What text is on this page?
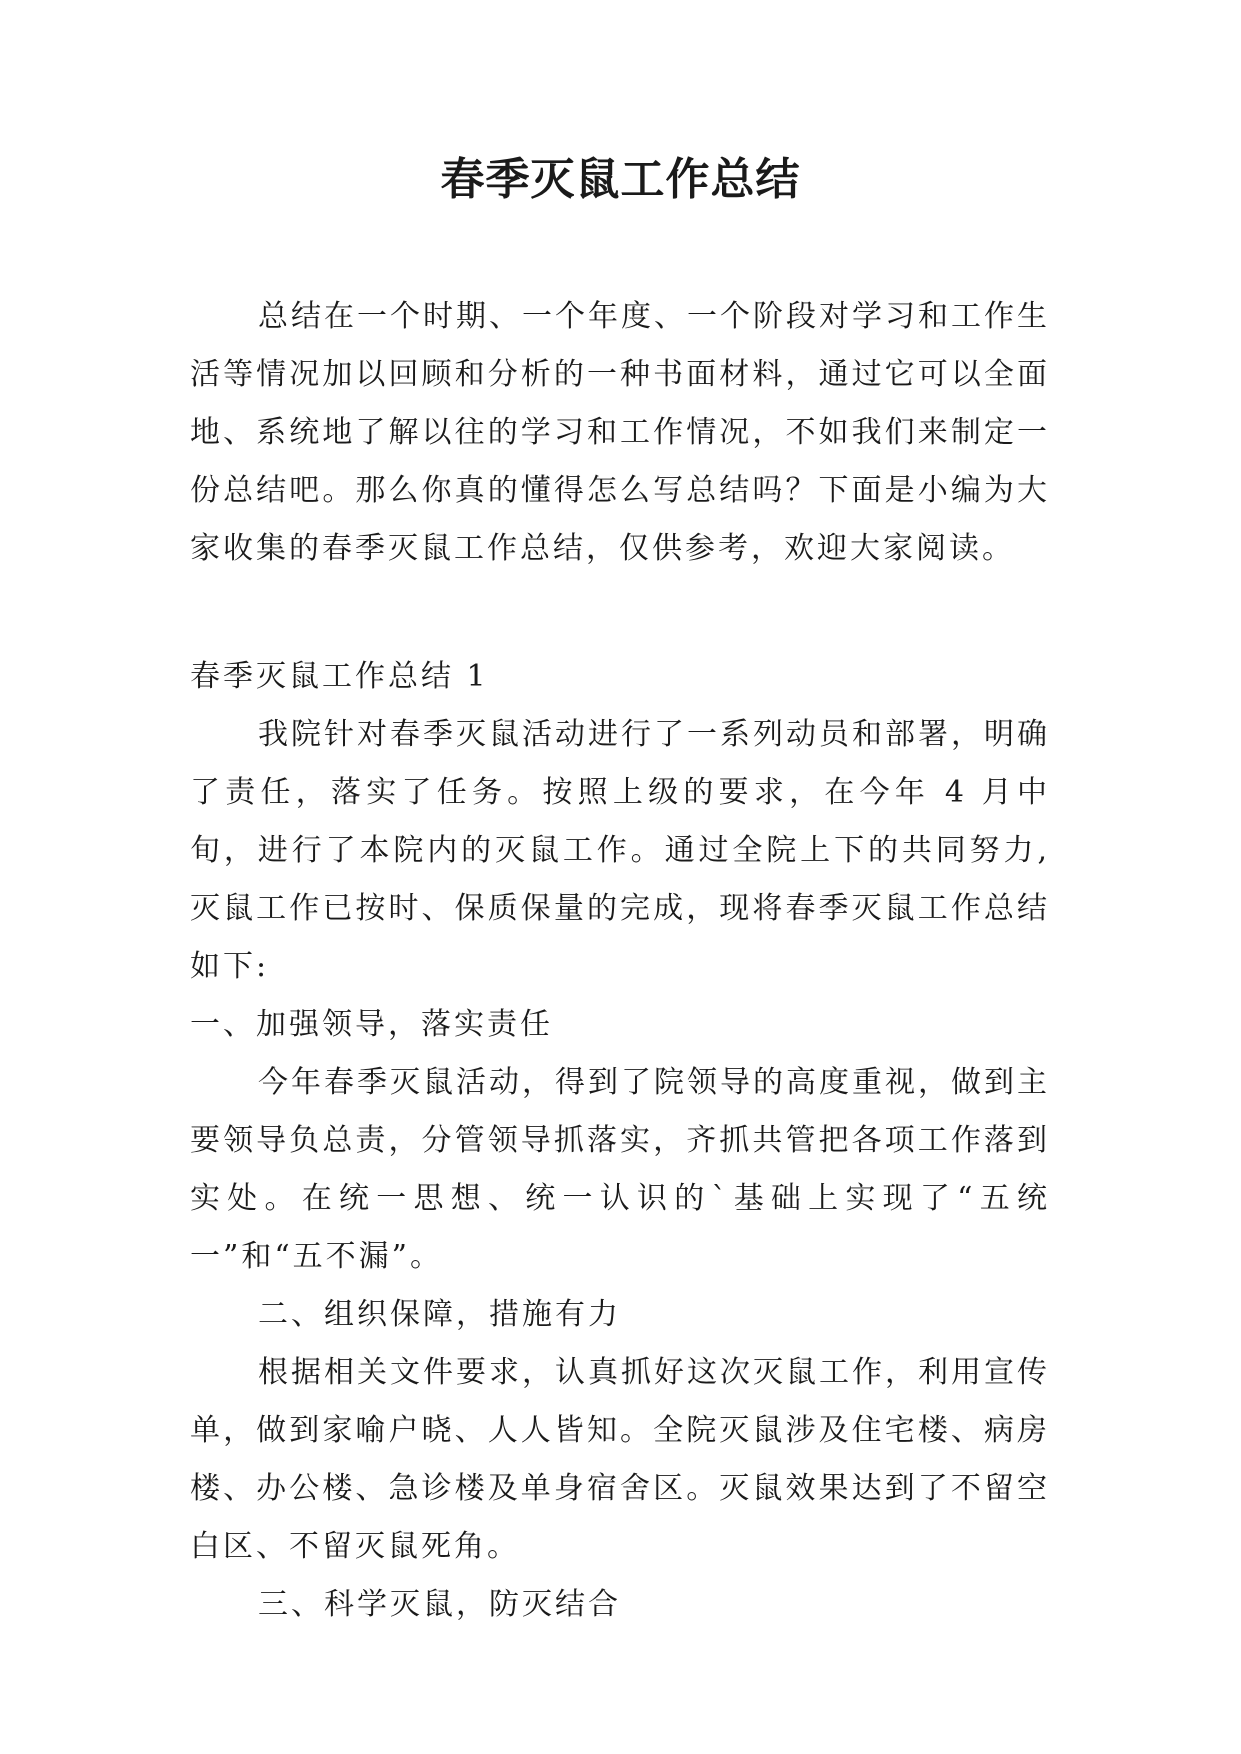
春季灭鼠工作总结

总结在一个时期、一个年度、一个阶段对学习和工作生活等情况加以回顾和分析的一种书面材料，通过它可以全面地、系统地了解以往的学习和工作情况，不如我们来制定一份总结吧。那么你真的懂得怎么写总结吗？下面是小编为大家收集的春季灭鼠工作总结，仅供参考，欢迎大家阅读。

春季灭鼠工作总结 1

我院针对春季灭鼠活动进行了一系列动员和部署，明确了责任，落实了任务。按照上级的要求，在今年 4 月中旬，进行了本院内的灭鼠工作。通过全院上下的共同努力,灭鼠工作已按时、保质保量的完成，现将春季灭鼠工作总结如下:

一、加强领导，落实责任

今年春季灭鼠活动，得到了院领导的高度重视，做到主要领导负总责，分管领导抓落实，齐抓共管把各项工作落到实处。在统一思想、统一认识的`基础上实现了“五统一”和“五不漏”。

二、组织保障，措施有力

根据相关文件要求，认真抓好这次灭鼠工作，利用宣传单，做到家喻户晓、人人皆知。全院灭鼠涉及住宅楼、病房楼、办公楼、急诊楼及单身宿舍区。灭鼠效果达到了不留空白区、不留灭鼠死角。

三、科学灭鼠，防灭结合
